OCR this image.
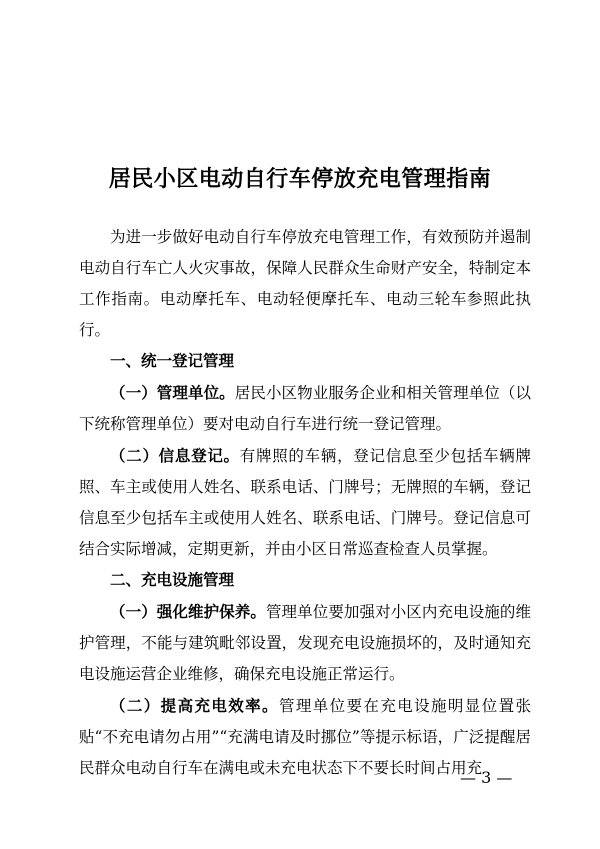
居民小区电动自行车停放充电管理指南

为进一步做好电动自行车停放充电管理工作，有效预防并遏制电动自行车亡人火灾事故，保障人民群众生命财产安全，特制定本工作指南。电动摩托车、电动轻便摩托车、电动三轮车参照此执行。

一、统一登记管理

（一）管理单位。居民小区物业服务企业和相关管理单位（以下统称管理单位）要对电动自行车进行统一登记管理。

（二）信息登记。有牌照的车辆，登记信息至少包括车辆牌照、车主或使用人姓名、联系电话、门牌号；无牌照的车辆，登记信息至少包括车主或使用人姓名、联系电话、门牌号。登记信息可结合实际增减，定期更新，并由小区日常巡查检查人员掌握。

二、充电设施管理

（一）强化维护保养。管理单位要加强对小区内充电设施的维护管理，不能与建筑毗邻设置，发现充电设施损坏的，及时通知充电设施运营企业维修，确保充电设施正常运行。

（二）提高充电效率。管理单位要在充电设施明显位置张贴“不充电请勿占用”“充满电请及时挪位”等提示标语，广泛提醒居民群众电动自行车在满电或未充电状态下不要长时间占用充

— 3 —
